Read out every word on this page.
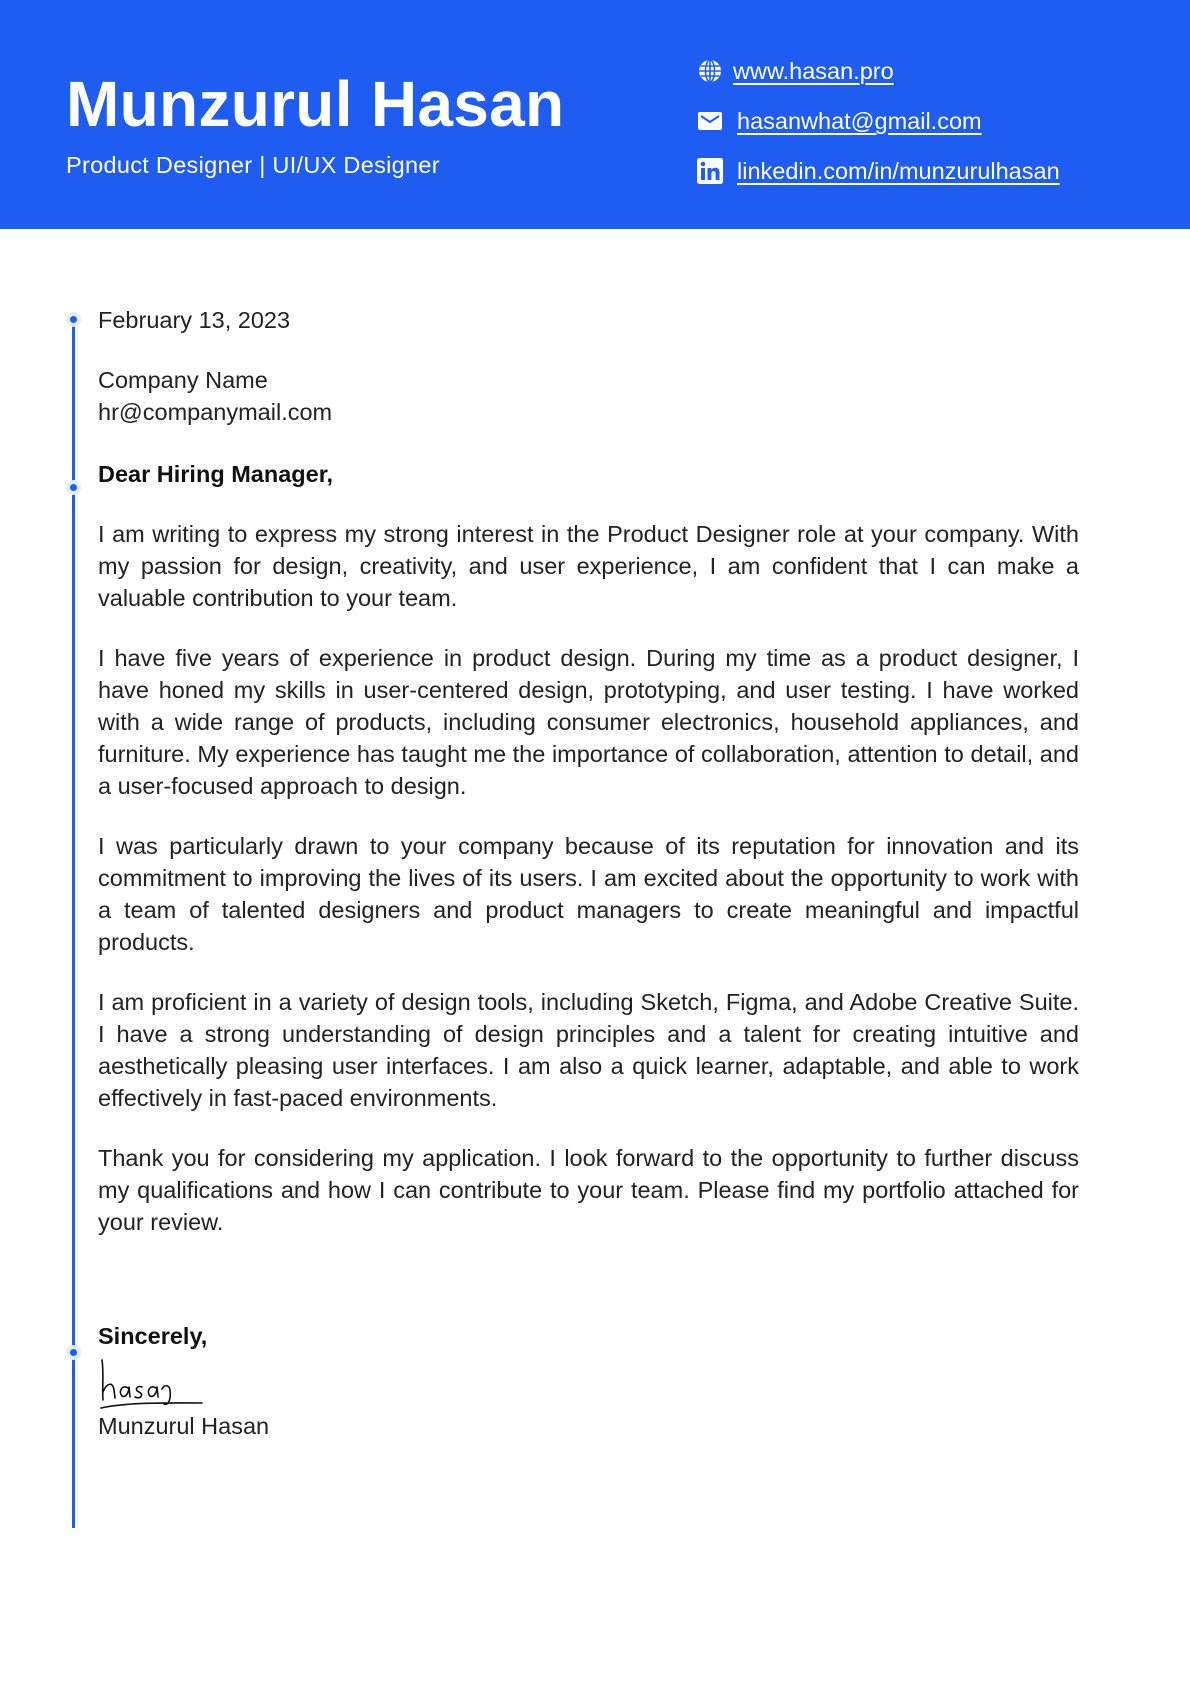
Munzurul Hasan
Product Designer | UI/UX Designer
www.hasan.pro
hasanwhat@gmail.com
linkedin.com/in/munzurulhasan
February 13, 2023
Company Name
hr@companymail.com
Dear Hiring Manager,

I am writing to express my strong interest in the Product Designer role at your company. With my passion for design, creativity, and user experience, I am confident that I can make a valuable contribution to your team.

I have five years of experience in product design. During my time as a product designer, I have honed my skills in user-centered design, prototyping, and user testing. I have worked with a wide range of products, including consumer electronics, household appliances, and furniture. My experience has taught me the importance of collaboration, attention to detail, and a user-focused approach to design.

I was particularly drawn to your company because of its reputation for innovation and its commitment to improving the lives of its users. I am excited about the opportunity to work with a team of talented designers and product managers to create meaningful and impactful products.

I am proficient in a variety of design tools, including Sketch, Figma, and Adobe Creative Suite. I have a strong understanding of design principles and a talent for creating intuitive and aesthetically pleasing user interfaces. I am also a quick learner, adaptable, and able to work effectively in fast-paced environments.

Thank you for considering my application. I look forward to the opportunity to further discuss my qualifications and how I can contribute to your team. Please find my portfolio attached for your review.

Sincerely,
Munzurul Hasan
